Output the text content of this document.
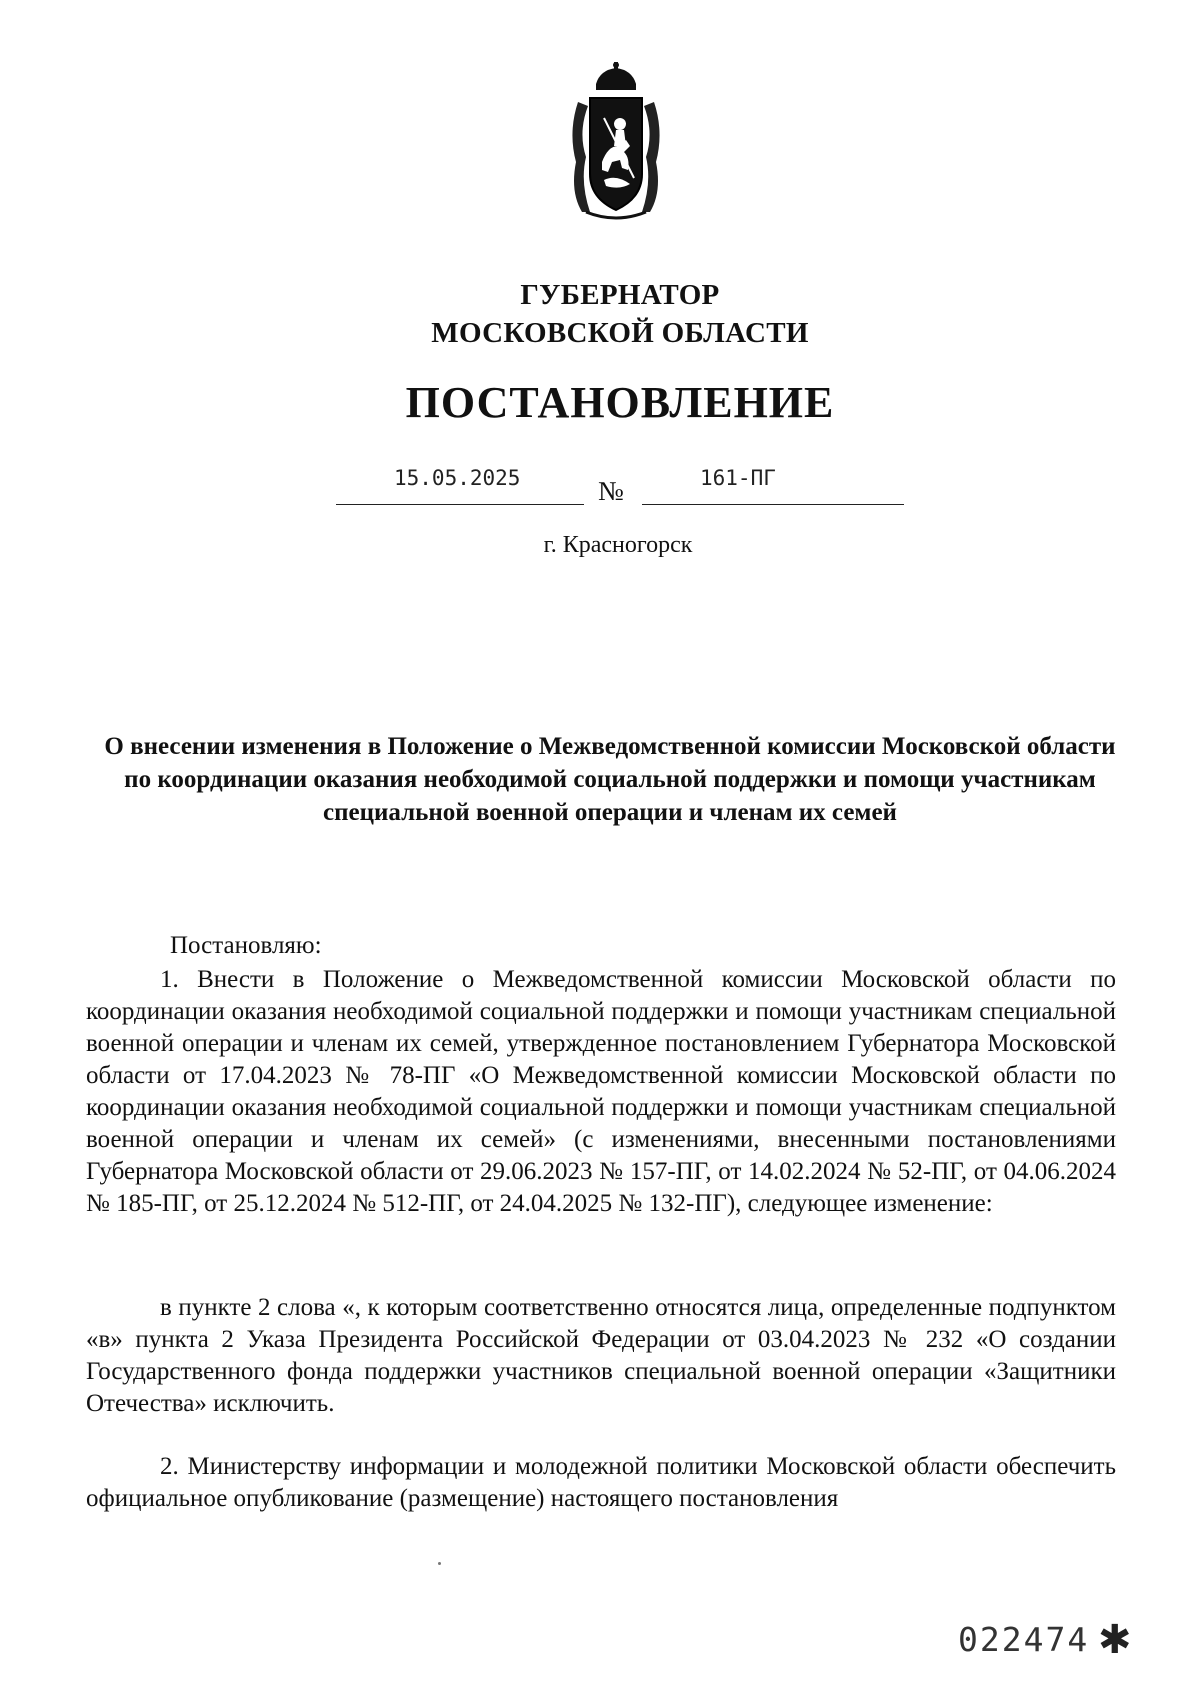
ГУБЕРНАТОР
МОСКОВСКОЙ ОБЛАСТИ
ПОСТАНОВЛЕНИЕ
15.05.2025	№	161-ПГ
г. Красногорск
О внесении изменения в Положение о Межведомственной комиссии Московской области по координации оказания необходимой социальной поддержки и помощи участникам специальной военной операции и членам их семей
Постановляю:

1. Внести в Положение о Межведомственной комиссии Московской области по координации оказания необходимой социальной поддержки и помощи участникам специальной военной операции и членам их семей, утвержденное постановлением Губернатора Московской области от 17.04.2023 № 78-ПГ «О Межведомственной комиссии Московской области по координации оказания необходимой социальной поддержки и помощи участникам специальной военной операции и членам их семей» (с изменениями, внесенными постановлениями Губернатора Московской области от 29.06.2023 № 157-ПГ, от 14.02.2024 № 52-ПГ, от 04.06.2024 № 185-ПГ, от 25.12.2024 № 512-ПГ, от 24.04.2025 № 132-ПГ), следующее изменение:

в пункте 2 слова «, к которым соответственно относятся лица, определенные подпунктом «в» пункта 2 Указа Президента Российской Федерации от 03.04.2023 № 232 «О создании Государственного фонда поддержки участников специальной военной операции «Защитники Отечества» исключить.

2. Министерству информации и молодежной политики Московской области обеспечить официальное опубликование (размещение) настоящего постановления

022474 ✱
